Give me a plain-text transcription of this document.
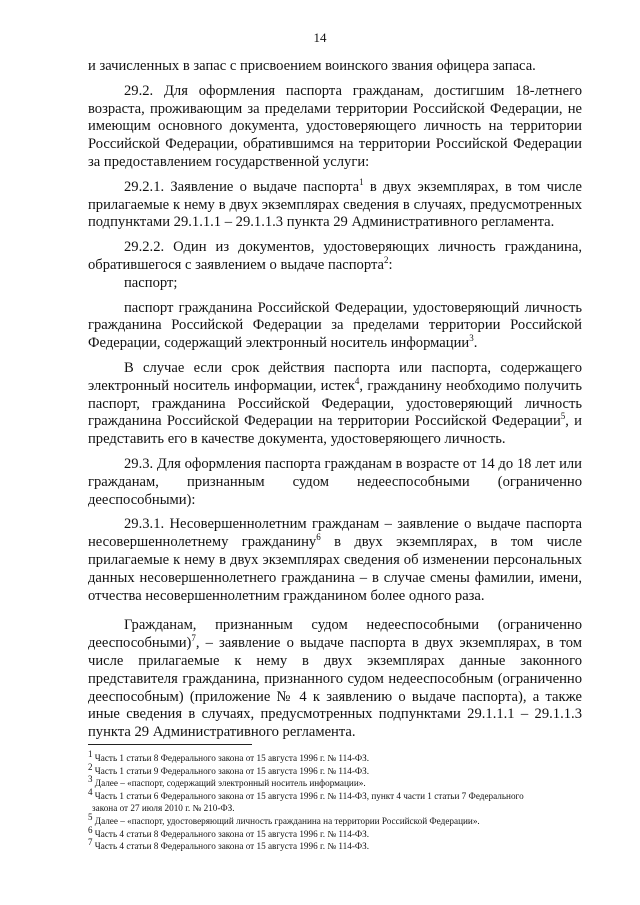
14

и зачисленных в запас с присвоением воинского звания офицера запаса.

29.2. Для оформления паспорта гражданам, достигшим 18-летнего возраста, проживающим за пределами территории Российской Федерации, не имеющим основного документа, удостоверяющего личность на территории Российской Федерации, обратившимся на территории Российской Федерации за предоставлением государственной услуги:

29.2.1. Заявление о выдаче паспорта$^1$ в двух экземплярах, в том числе прилагаемые к нему в двух экземплярах сведения в случаях, предусмотренных подпунктами 29.1.1.1 – 29.1.1.3 пункта 29 Административного регламента.

29.2.2. Один из документов, удостоверяющих личность гражданина, обратившегося с заявлением о выдаче паспорта$^2$:

паспорт;

паспорт гражданина Российской Федерации, удостоверяющий личность гражданина Российской Федерации за пределами территории Российской Федерации, содержащий электронный носитель информации$^3$.

В случае если срок действия паспорта или паспорта, содержащего электронный носитель информации, истек$^4$, гражданину необходимо получить паспорт, гражданина Российской Федерации, удостоверяющий личность гражданина Российской Федерации на территории Российской Федерации$^5$, и представить его в качестве документа, удостоверяющего личность.

29.3. Для оформления паспорта гражданам в возрасте от 14 до 18 лет или гражданам, признанным судом недееспособными (ограниченно дееспособными):

29.3.1. Несовершеннолетним гражданам – заявление о выдаче паспорта несовершеннолетнему гражданину$^6$ в двух экземплярах, в том числе прилагаемые к нему в двух экземплярах сведения об изменении персональных данных несовершеннолетнего гражданина – в случае смены фамилии, имени, отчества несовершеннолетним гражданином более одного раза.

Гражданам, признанным судом недееспособными (ограниченно дееспособными)$^7$, – заявление о выдаче паспорта в двух экземплярах, в том числе прилагаемые к нему в двух экземплярах данные законного представителя гражданина, признанного судом недееспособным (ограниченно дееспособным) (приложение № 4 к заявлению о выдаче паспорта), а также иные сведения в случаях, предусмотренных подпунктами 29.1.1.1 – 29.1.1.3 пункта 29 Административного регламента.

$^1$ Часть 1 статьи 8 Федерального закона от 15 августа 1996 г. № 114-ФЗ.
$^2$ Часть 1 статьи 9 Федерального закона от 15 августа 1996 г. № 114-ФЗ.
$^3$ Далее – «паспорт, содержащий электронный носитель информации».
$^4$ Часть 1 статьи 6 Федерального закона от 15 августа 1996 г. № 114-ФЗ, пункт 4 части 1 статьи 7 Федерального
закона от 27 июля 2010 г. № 210-ФЗ.
$^5$ Далее – «паспорт, удостоверяющий личность гражданина на территории Российской Федерации».
$^6$ Часть 4 статьи 8 Федерального закона от 15 августа 1996 г. № 114-ФЗ.
$^7$ Часть 4 статьи 8 Федерального закона от 15 августа 1996 г. № 114-ФЗ.
